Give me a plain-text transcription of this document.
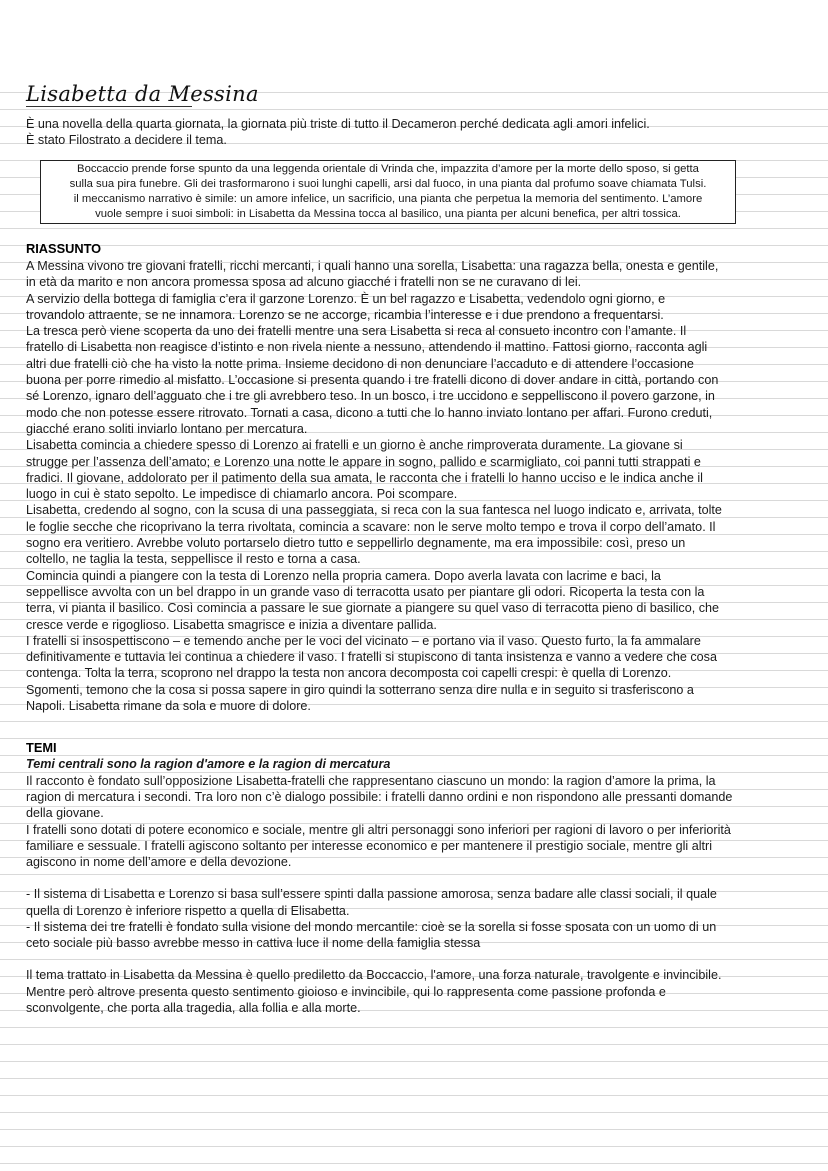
Lisabetta da Messina

È una novella della quarta giornata, la giornata più triste di tutto il Decameron perché dedicata agli amori infelici.

È stato Filostrato a decidere il tema.

Boccaccio prende forse spunto da una leggenda orientale di Vrinda che, impazzita d’amore per la morte dello sposo, si getta

sulla sua pira funebre. Gli dei trasformarono i suoi lunghi capelli, arsi dal fuoco, in una pianta dal profumo soave chiamata Tulsi.

il meccanismo narrativo è simile: un amore infelice, un sacrificio, una pianta che perpetua la memoria del sentimento. L’amore

vuole sempre i suoi simboli: in Lisabetta da Messina tocca al basilico, una pianta per alcuni benefica, per altri tossica.

RIASSUNTO

A Messina vivono tre giovani fratelli, ricchi mercanti, i quali hanno una sorella, Lisabetta: una ragazza bella, onesta e gentile,

in età da marito e non ancora promessa sposa ad alcuno giacché i fratelli non se ne curavano di lei.

A servizio della bottega di famiglia c’era il garzone Lorenzo. È un bel ragazzo e Lisabetta, vedendolo ogni giorno, e

trovandolo attraente, se ne innamora. Lorenzo se ne accorge, ricambia l’interesse e i due prendono a frequentarsi.

La tresca però viene scoperta da uno dei fratelli mentre una sera Lisabetta si reca al consueto incontro con l’amante. Il

fratello di Lisabetta non reagisce d’istinto e non rivela niente a nessuno, attendendo il mattino. Fattosi giorno, racconta agli

altri due fratelli ciò che ha visto la notte prima. Insieme decidono di non denunciare l’accaduto e di attendere l’occasione

buona per porre rimedio al misfatto. L’occasione si presenta quando i tre fratelli dicono di dover andare in città, portando con

sé Lorenzo, ignaro dell’agguato che i tre gli avrebbero teso. In un bosco, i tre uccidono e seppelliscono il povero garzone, in

modo che non potesse essere ritrovato. Tornati a casa, dicono a tutti che lo hanno inviato lontano per affari. Furono creduti,

giacché erano soliti inviarlo lontano per mercatura.

Lisabetta comincia a chiedere spesso di Lorenzo ai fratelli e un giorno è anche rimproverata duramente. La giovane si

strugge per l’assenza dell’amato; e Lorenzo una notte le appare in sogno, pallido e scarmigliato, coi panni tutti strappati e

fradici. Il giovane, addolorato per il patimento della sua amata, le racconta che i fratelli lo hanno ucciso e le indica anche il

luogo in cui è stato sepolto. Le impedisce di chiamarlo ancora. Poi scompare.

Lisabetta, credendo al sogno, con la scusa di una passeggiata, si reca con la sua fantesca nel luogo indicato e, arrivata, tolte

le foglie secche che ricoprivano la terra rivoltata, comincia a scavare: non le serve molto tempo e trova il corpo dell’amato. Il

sogno era veritiero. Avrebbe voluto portarselo dietro tutto e seppellirlo degnamente, ma era impossibile: così, preso un

coltello, ne taglia la testa, seppellisce il resto e torna a casa.

Comincia quindi a piangere con la testa di Lorenzo nella propria camera. Dopo averla lavata con lacrime e baci, la

seppellisce avvolta con un bel drappo in un grande vaso di terracotta usato per piantare gli odori. Ricoperta la testa con la

terra, vi pianta il basilico. Così comincia a passare le sue giornate a piangere su quel vaso di terracotta pieno di basilico, che

cresce verde e rigoglioso. Lisabetta smagrisce e inizia a diventare pallida.

I fratelli si insospettiscono – e temendo anche per le voci del vicinato – e portano via il vaso. Questo furto, la fa ammalare

definitivamente e tuttavia lei continua a chiedere il vaso. I fratelli si stupiscono di tanta insistenza e vanno a vedere che cosa

contenga. Tolta la terra, scoprono nel drappo la testa non ancora decomposta coi capelli crespi: è quella di Lorenzo.

Sgomenti, temono che la cosa si possa sapere in giro quindi la sotterrano senza dire nulla e in seguito si trasferiscono a

Napoli. Lisabetta rimane da sola e muore di dolore.

TEMI
Temi centrali sono la ragion d'amore e la ragion di mercatura

Il racconto è fondato sull’opposizione Lisabetta-fratelli che rappresentano ciascuno un mondo: la ragion d’amore la prima, la

ragion di mercatura i secondi. Tra loro non c’è dialogo possibile: i fratelli danno ordini e non rispondono alle pressanti domande

della giovane.

I fratelli sono dotati di potere economico e sociale, mentre gli altri personaggi sono inferiori per ragioni di lavoro o per inferiorità

familiare e sessuale. I fratelli agiscono soltanto per interesse economico e per mantenere il prestigio sociale, mentre gli altri

agiscono in nome dell’amore e della devozione.

- Il sistema di Lisabetta e Lorenzo si basa sull’essere spinti dalla passione amorosa, senza badare alle classi sociali, il quale

quella di Lorenzo è inferiore rispetto a quella di Elisabetta.

- Il sistema dei tre fratelli è fondato sulla visione del mondo mercantile: cioè se la sorella si fosse sposata con un uomo di un

ceto sociale più basso avrebbe messo in cattiva luce il nome della famiglia stessa

Il tema trattato in Lisabetta da Messina è quello prediletto da Boccaccio, l'amore, una forza naturale, travolgente e invincibile.

Mentre però altrove presenta questo sentimento gioioso e invincibile, qui lo rappresenta come passione profonda e

sconvolgente, che porta alla tragedia, alla follia e alla morte.
